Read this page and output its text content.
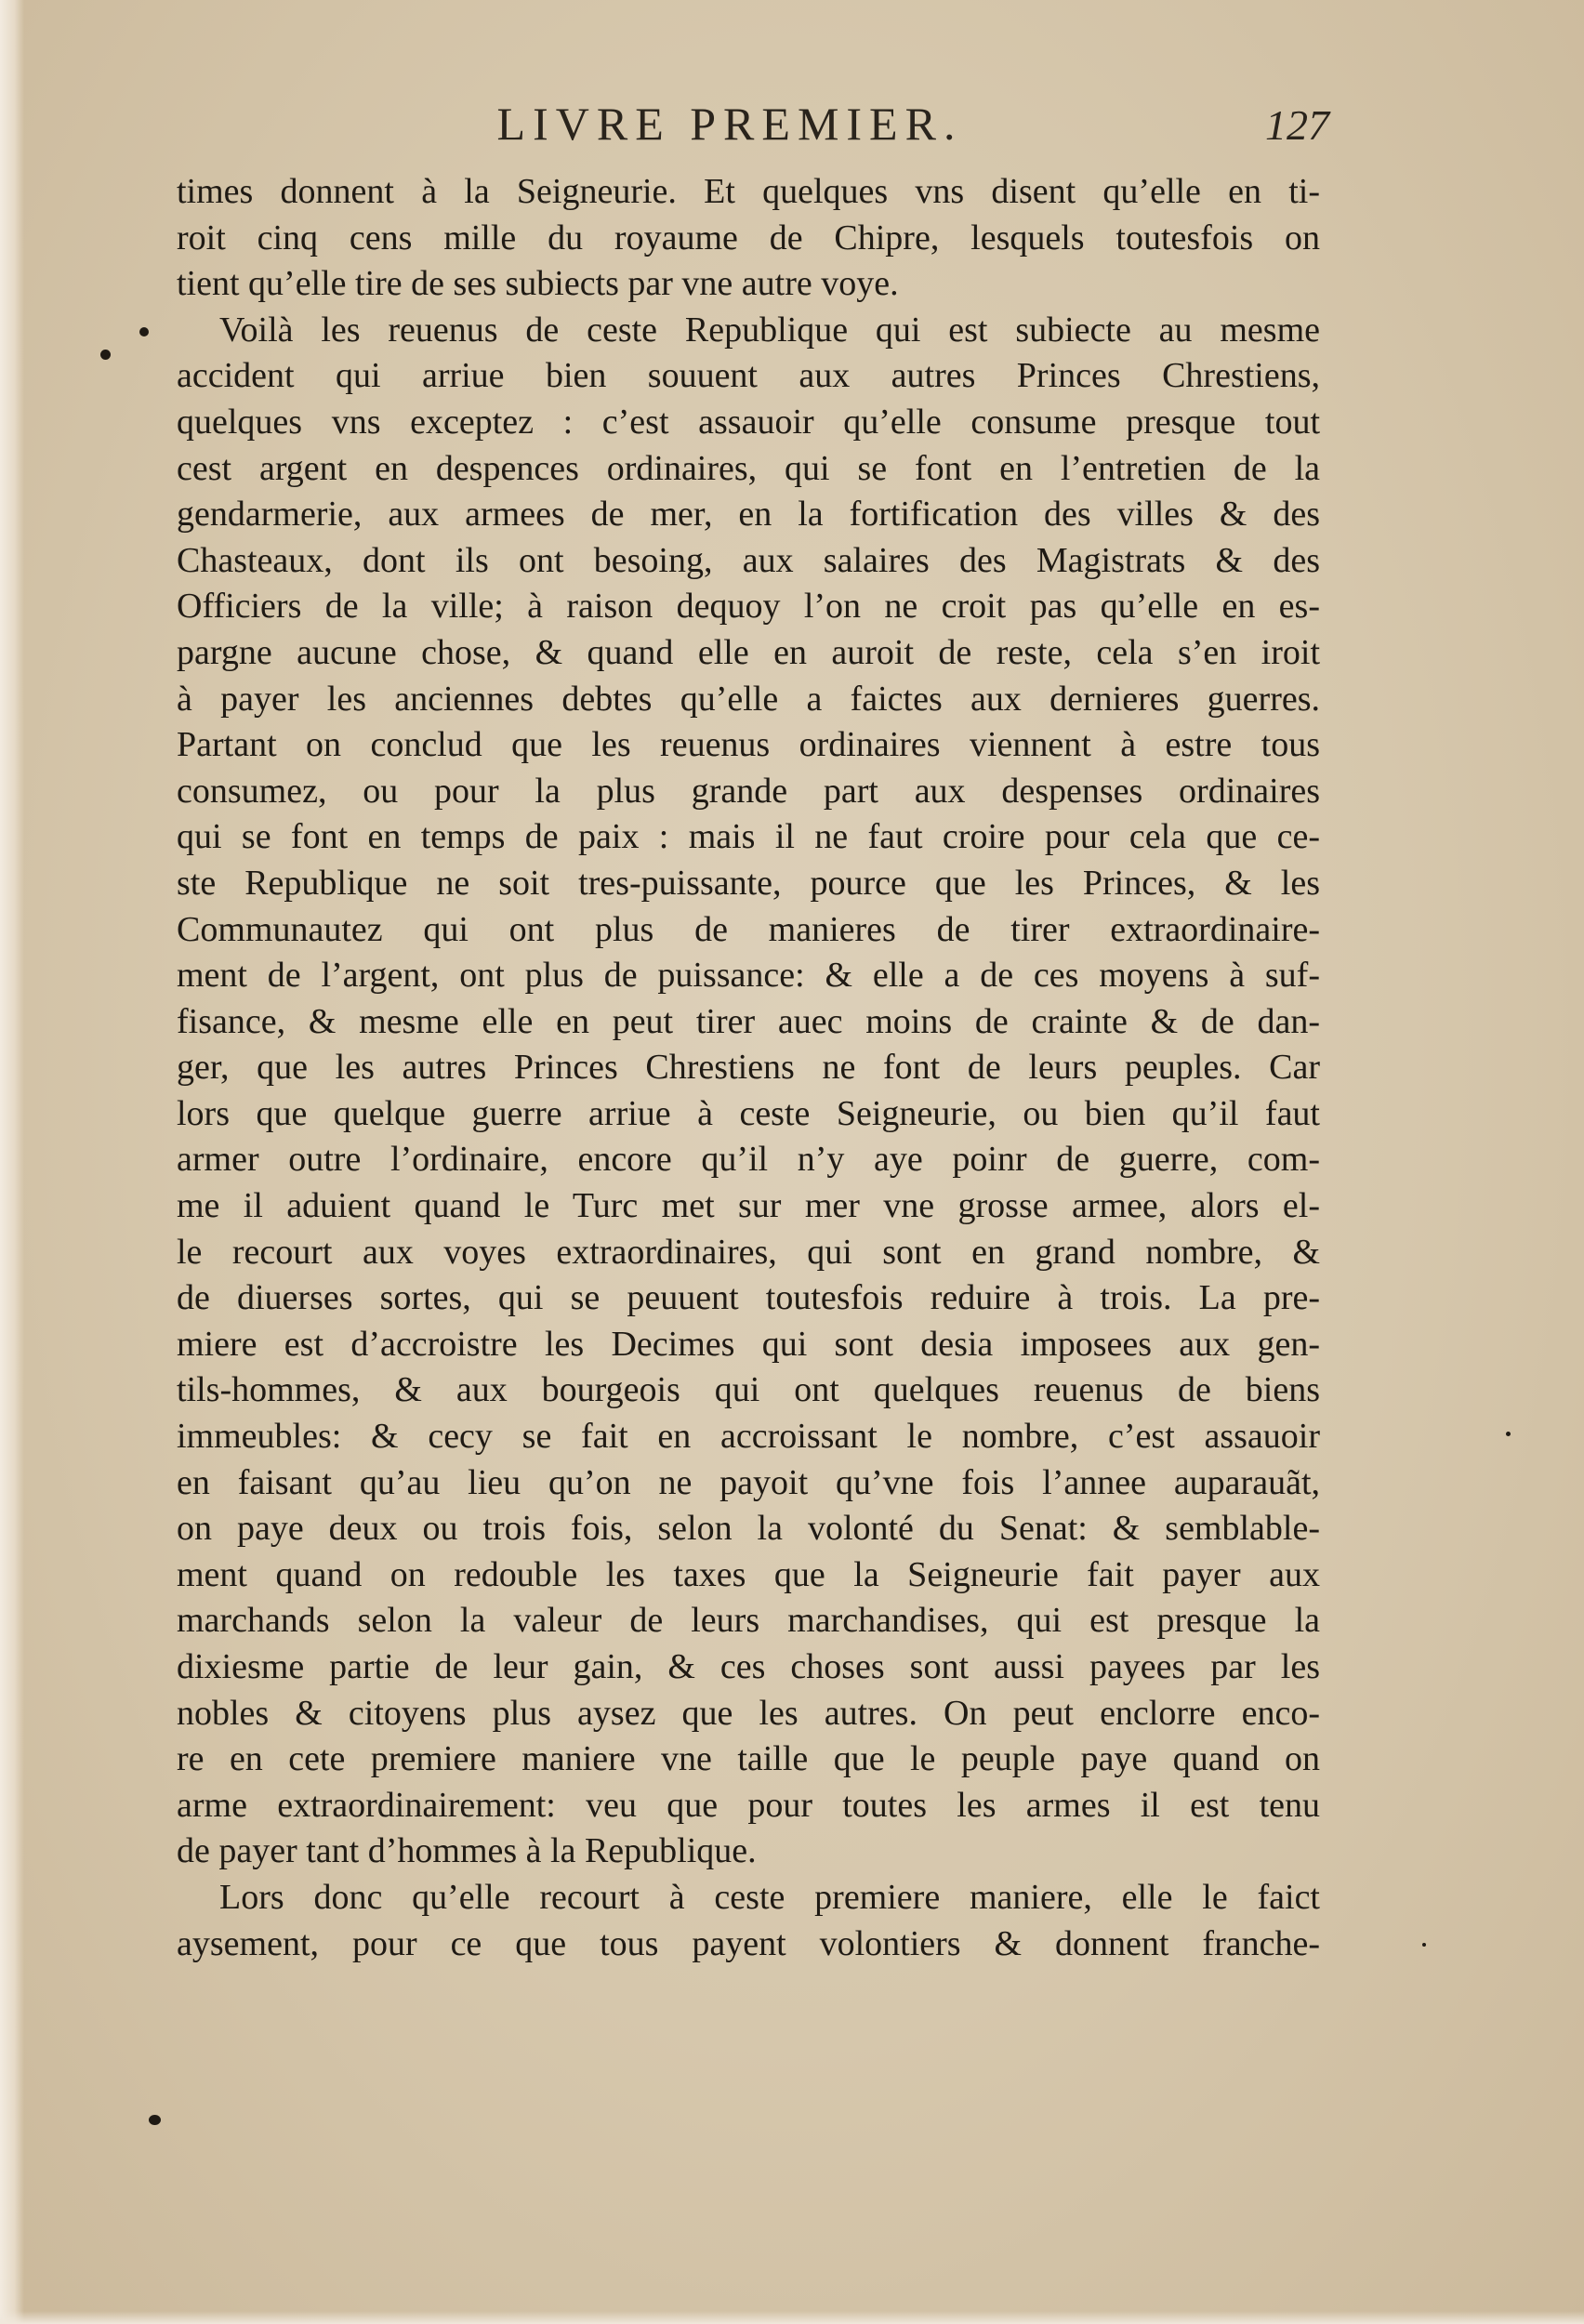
LIVRE PREMIER.	127
times donnent à la Seigneurie. Et quelques vns disent qu’elle en ti-
roit cinq cens mille du royaume de Chipre, lesquels toutesfois on
tient qu’elle tire de ses subiects par vne autre voye.
Voilà les reuenus de ceste Republique qui est subiecte au mesme
accident qui arriue bien souuent aux autres Princes Chrestiens,
quelques vns exceptez : c’est assauoir qu’elle consume presque tout
cest argent en despences ordinaires, qui se font en l’entretien de la
gendarmerie, aux armees de mer, en la fortification des villes & des
Chasteaux, dont ils ont besoing, aux salaires des Magistrats & des
Officiers de la ville; à raison dequoy l’on ne croit pas qu’elle en es-
pargne aucune chose, & quand elle en auroit de reste, cela s’en iroit
à payer les anciennes debtes qu’elle a faictes aux dernieres guerres.
Partant on conclud que les reuenus ordinaires viennent à estre tous
consumez, ou pour la plus grande part aux despenses ordinaires
qui se font en temps de paix : mais il ne faut croire pour cela que ce-
ste Republique ne soit tres-puissante, pource que les Princes, & les
Communautez qui ont plus de manieres de tirer extraordinaire-
ment de l’argent, ont plus de puissance: & elle a de ces moyens à suf-
fisance, & mesme elle en peut tirer auec moins de crainte & de dan-
ger, que les autres Princes Chrestiens ne font de leurs peuples. Car
lors que quelque guerre arriue à ceste Seigneurie, ou bien qu’il faut
armer outre l’ordinaire, encore qu’il n’y aye poinr de guerre, com-
me il aduient quand le Turc met sur mer vne grosse armee, alors el-
le recourt aux voyes extraordinaires, qui sont en grand nombre, &
de diuerses sortes, qui se peuuent toutesfois reduire à trois. La pre-
miere est d’accroistre les Decimes qui sont desia imposees aux gen-
tils-hommes, & aux bourgeois qui ont quelques reuenus de biens
immeubles: & cecy se fait en accroissant le nombre, c’est assauoir
en faisant qu’au lieu qu’on ne payoit qu’vne fois l’annee auparauãt,
on paye deux ou trois fois, selon la volonté du Senat: & semblable-
ment quand on redouble les taxes que la Seigneurie fait payer aux
marchands selon la valeur de leurs marchandises, qui est presque la
dixiesme partie de leur gain, & ces choses sont aussi payees par les
nobles & citoyens plus aysez que les autres. On peut enclorre enco-
re en cete premiere maniere vne taille que le peuple paye quand on
arme extraordinairement: veu que pour toutes les armes il est tenu
de payer tant d’hommes à la Republique.
Lors donc qu’elle recourt à ceste premiere maniere, elle le faict
aysement, pour ce que tous payent volontiers & donnent franche-
